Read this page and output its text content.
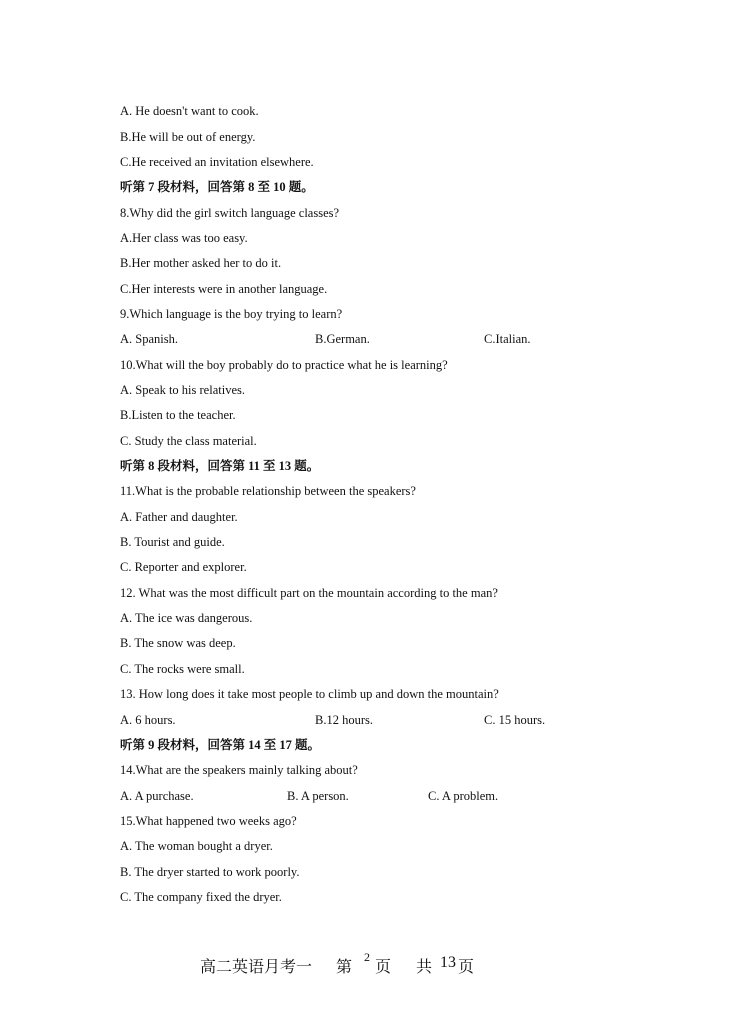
A. He doesn't want to cook.
B.He will be out of energy.
C.He received an invitation elsewhere.
听第 7 段材料，回答第 8 至 10 题。
8.Why did the girl switch language classes?
A.Her class was too easy.
B.Her mother asked her to do it.
C.Her interests were in another language.
9.Which language is the boy trying to learn?
A. Spanish.	B.German.	C.Italian.
10.What will the boy probably do to practice what he is learning?
A. Speak to his relatives.
B.Listen to the teacher.
C. Study the class material.
听第 8 段材料，回答第 11 至 13 题。
11.What is the probable relationship between the speakers?
A. Father and daughter.
B. Tourist and guide.
C. Reporter and explorer.
12. What was the most difficult part on the mountain according to the man?
A. The ice was dangerous.
B. The snow was deep.
C. The rocks were small.
13. How long does it take most people to climb up and down the mountain?
A. 6 hours.	B.12 hours.	C. 15 hours.
听第 9 段材料，回答第 14 至 17 题。
14.What are the speakers mainly talking about?
A. A purchase.	B. A person.	C. A problem.
15.What happened two weeks ago?
A. The woman bought a dryer.
B. The dryer started to work poorly.
C. The company fixed the dryer.
高二英语月考一 第
2
页 共 13 页
